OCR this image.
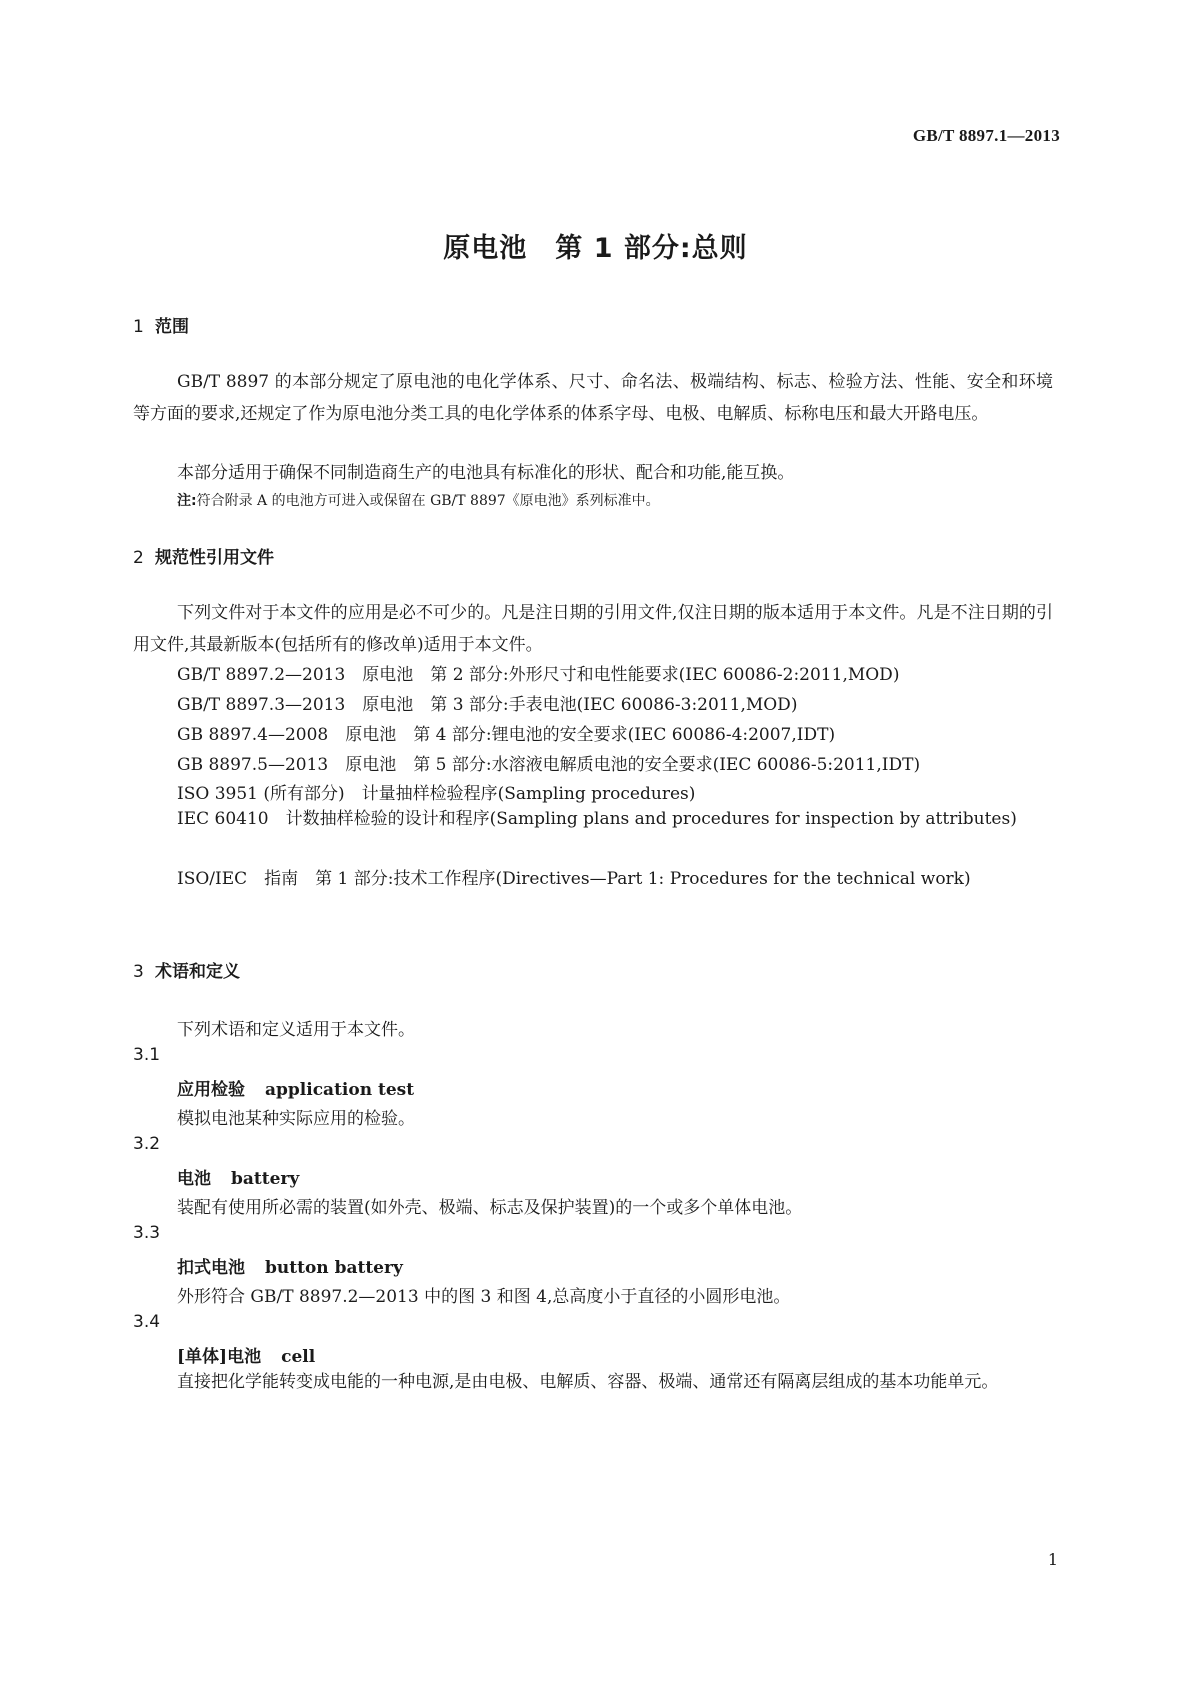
GB/T 8897.1—2013
原电池　第 1 部分:总则
1 范围
GB/T 8897 的本部分规定了原电池的电化学体系、尺寸、命名法、极端结构、标志、检验方法、性能、安全和环境等方面的要求,还规定了作为原电池分类工具的电化学体系的体系字母、电极、电解质、标称电压和最大开路电压。
本部分适用于确保不同制造商生产的电池具有标准化的形状、配合和功能,能互换。
注:符合附录 A 的电池方可进入或保留在 GB/T 8897《原电池》系列标准中。
2 规范性引用文件
下列文件对于本文件的应用是必不可少的。凡是注日期的引用文件,仅注日期的版本适用于本文件。凡是不注日期的引用文件,其最新版本(包括所有的修改单)适用于本文件。
GB/T 8897.2—2013　原电池　第 2 部分:外形尺寸和电性能要求(IEC 60086-2:2011,MOD)
GB/T 8897.3—2013　原电池　第 3 部分:手表电池(IEC 60086-3:2011,MOD)
GB 8897.4—2008　原电池　第 4 部分:锂电池的安全要求(IEC 60086-4:2007,IDT)
GB 8897.5—2013　原电池　第 5 部分:水溶液电解质电池的安全要求(IEC 60086-5:2011,IDT)
ISO 3951 (所有部分)　计量抽样检验程序(Sampling procedures)
IEC 60410　计数抽样检验的设计和程序(Sampling plans and procedures for inspection by attributes)
ISO/IEC　指南　第 1 部分:技术工作程序(Directives—Part 1: Procedures for the technical work)
3 术语和定义
下列术语和定义适用于本文件。
3.1
应用检验 application test
模拟电池某种实际应用的检验。
3.2
电池 battery
装配有使用所必需的装置(如外壳、极端、标志及保护装置)的一个或多个单体电池。
3.3
扣式电池 button battery
外形符合 GB/T 8897.2—2013 中的图 3 和图 4,总高度小于直径的小圆形电池。
3.4
[单体]电池 cell
直接把化学能转变成电能的一种电源,是由电极、电解质、容器、极端、通常还有隔离层组成的基本功能单元。
1
